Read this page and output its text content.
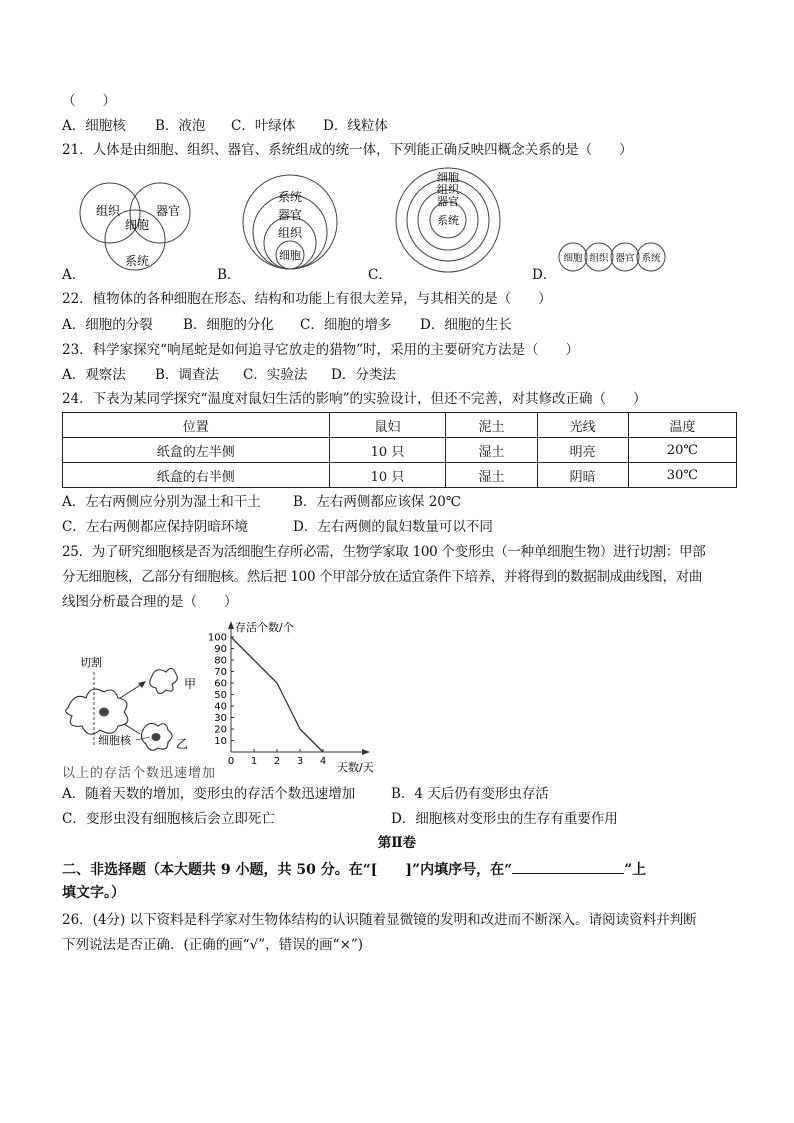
（　　）
A．细胞核 B．液泡 C．叶绿体 D．线粒体
21．人体是由细胞、组织、器官、系统组成的统一体，下列能正确反映四概念关系的是（　　）
组织	器官
细胞
系统
系统
器官
组织
细胞
细胞
组织
器官
系统
细胞 组织 器官 系统
A．	B．	C．	D．
22．植物体的各种细胞在形态、结构和功能上有很大差异，与其相关的是（　　）
A．细胞的分裂 B．细胞的分化 C．细胞的增多 D．细胞的生长
23．科学家探究“响尾蛇是如何追寻它放走的猎物”时，采用的主要研究方法是（　　）
A．观察法 B．调查法 C．实验法 D．分类法
24．下表为某同学探究“温度对鼠妇生活的影响”的实验设计，但还不完善，对其修改正确（　　）
位置	鼠妇	泥土	光线	温度
纸盒的左半侧	10 只	湿土	明亮	20℃
纸盒的右半侧	10 只	湿土	阴暗	30℃
A．左右两侧应分别为湿土和干土 B．左右两侧都应该保 20℃
C．左右两侧都应保持阴暗环境	D．左右两侧的鼠妇数量可以不同
25．为了研究细胞核是否为活细胞生存所必需，生物学家取 100 个变形虫（一种单细胞生物）进行切割：甲部
分无细胞核，乙部分有细胞核。然后把 100 个甲部分放在适宜条件下培养，并将得到的数据制成曲线图，对曲
线图分析最合理的是（　　）
切割
甲
细胞核	乙
存活个数/个
天数/天
10
20
30
40
50
60
70
80
90
100
0 1 2 3 4
以上的存活个数迅速增加
A．随着天数的增加，变形虫的存活个数迅速增加	B．4 天后仍有变形虫存活
C．变形虫没有细胞核后会立即死亡	D．细胞核对变形虫的生存有重要作用
第Ⅱ卷
二、非选择题（本大题共 9 小题，共 50 分。在“[　　]”内填序号，在“	”上
填文字。）
26．(4分) 以下资料是科学家对生物体结构的认识随着显微镜的发明和改进而不断深入。请阅读资料并判断
下列说法是否正确．(正确的画“√”，错误的画“×”)
